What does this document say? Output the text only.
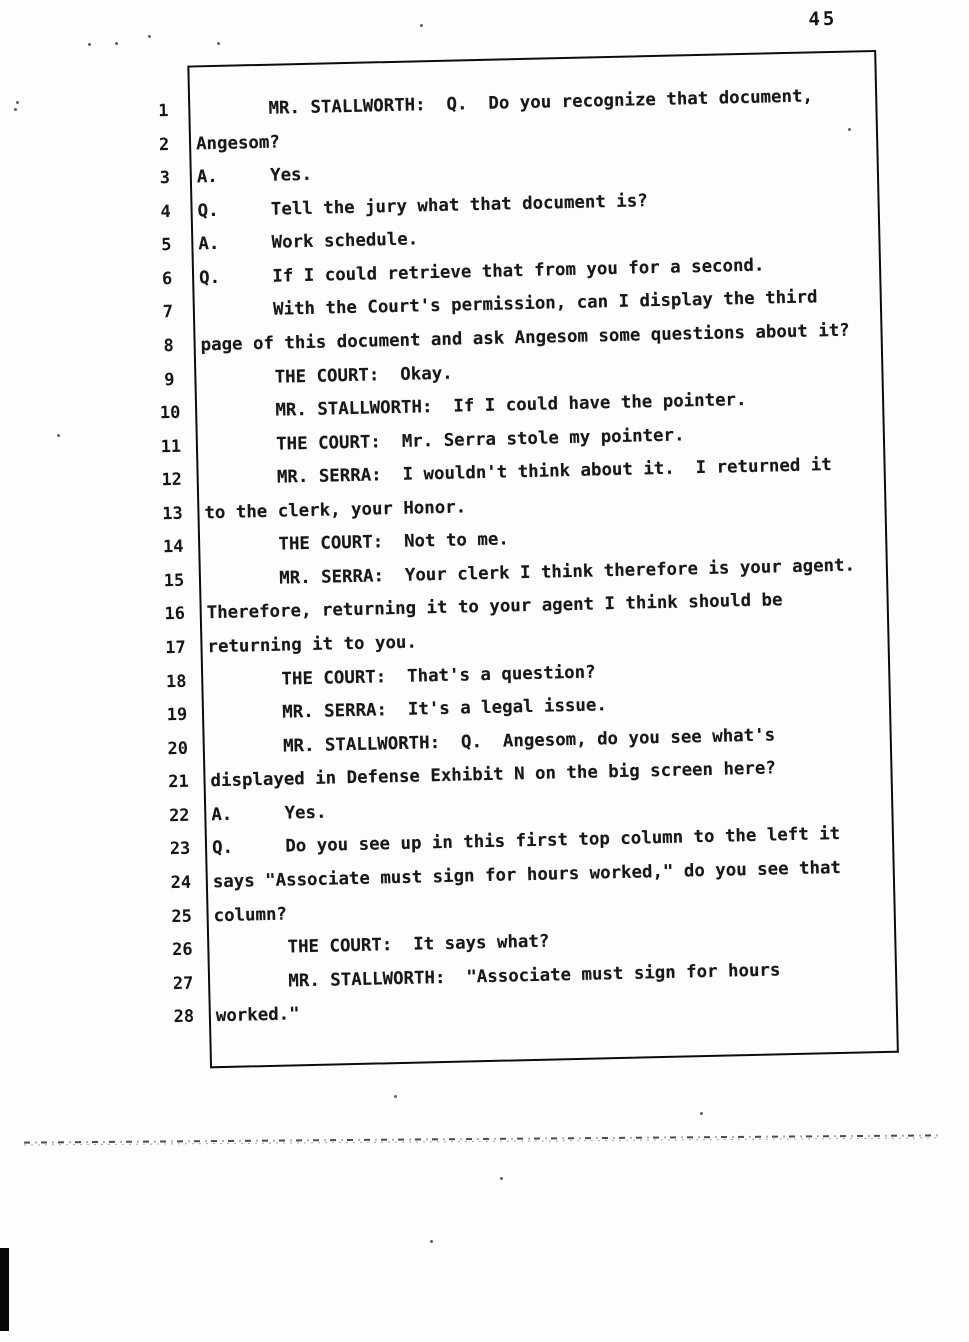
45
1	MR. STALLWORTH:  Q.  Do you recognize that document,
2	Angesom?
3	A.     Yes.
4	Q.     Tell the jury what that document is?
5	A.     Work schedule.
6	Q.     If I could retrieve that from you for a second.
7	With the Court's permission, can I display the third
8	page of this document and ask Angesom some questions about it?
9	THE COURT:  Okay.
10	MR. STALLWORTH:  If I could have the pointer.
11	THE COURT:  Mr. Serra stole my pointer.
12	MR. SERRA:  I wouldn't think about it.  I returned it
13	to the clerk, your Honor.
14	THE COURT:  Not to me.
15	MR. SERRA:  Your clerk I think therefore is your agent.
16	Therefore, returning it to your agent I think should be
17	returning it to you.
18	THE COURT:  That's a question?
19	MR. SERRA:  It's a legal issue.
20	MR. STALLWORTH:  Q.  Angesom, do you see what's
21	displayed in Defense Exhibit N on the big screen here?
22	A.     Yes.
23	Q.     Do you see up in this first top column to the left it
24	says "Associate must sign for hours worked," do you see that
25	column?
26	THE COURT:  It says what?
27	MR. STALLWORTH:  "Associate must sign for hours
28	worked."
